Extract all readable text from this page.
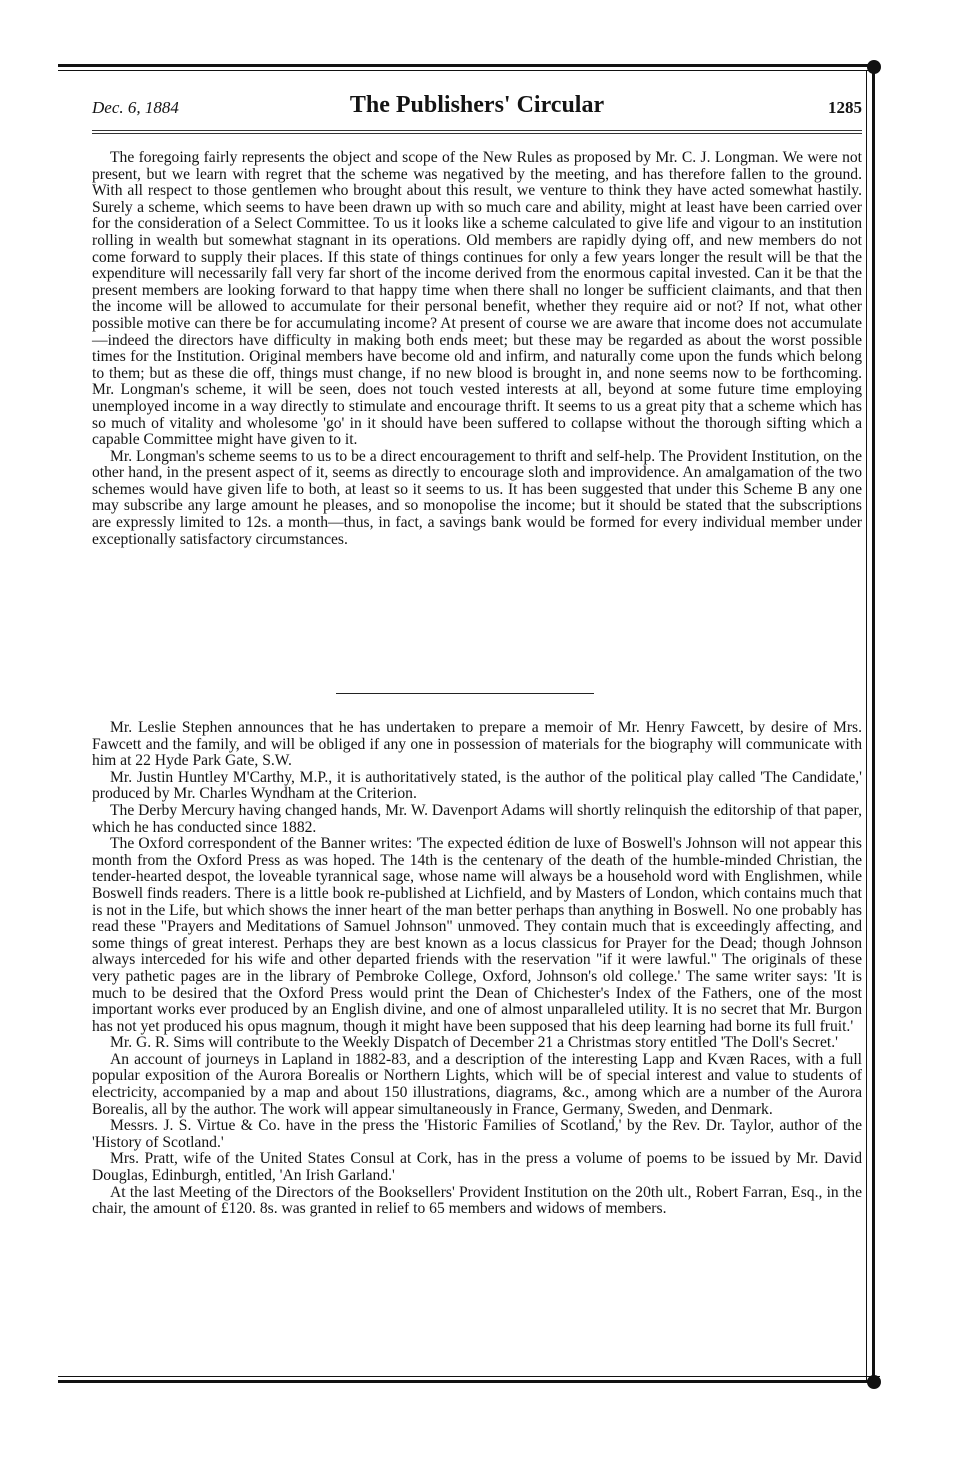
Dec. 6, 1884	The Publishers' Circular	1285

The foregoing fairly represents the object and scope of the New Rules as proposed by Mr. C. J. Longman. We were not present, but we learn with regret that the scheme was negatived by the meeting, and has therefore fallen to the ground. With all respect to those gentlemen who brought about this result, we venture to think they have acted somewhat hastily. Surely a scheme, which seems to have been drawn up with so much care and ability, might at least have been carried over for the consideration of a Select Committee. To us it looks like a scheme calculated to give life and vigour to an institution rolling in wealth but somewhat stagnant in its operations. Old members are rapidly dying off, and new members do not come forward to supply their places. If this state of things continues for only a few years longer the result will be that the expenditure will necessarily fall very far short of the income derived from the enormous capital invested. Can it be that the present members are looking forward to that happy time when there shall no longer be sufficient claimants, and that then the income will be allowed to accumulate for their personal benefit, whether they require aid or not? If not, what other possible motive can there be for accumulating income? At present of course we are aware that income does not accumulate—indeed the directors have difficulty in making both ends meet; but these may be regarded as about the worst possible times for the Institution. Original members have become old and infirm, and naturally come upon the funds which belong to them; but as these die off, things must change, if no new blood is brought in, and none seems now to be forthcoming. Mr. Longman's scheme, it will be seen, does not touch vested interests at all, beyond at some future time employing unemployed income in a way directly to stimulate and encourage thrift. It seems to us a great pity that a scheme which has so much of vitality and wholesome 'go' in it should have been suffered to collapse without the thorough sifting which a capable Committee might have given to it.

Mr. Longman's scheme seems to us to be a direct encouragement to thrift and self-help. The Provident Institution, on the other hand, in the present aspect of it, seems as directly to encourage sloth and improvidence. An amalgamation of the two schemes would have given life to both, at least so it seems to us. It has been suggested that under this Scheme B any one may subscribe any large amount he pleases, and so monopolise the income; but it should be stated that the subscriptions are expressly limited to 12s. a month—thus, in fact, a savings bank would be formed for every individual member under exceptionally satisfactory circumstances.

Mr. Leslie Stephen announces that he has undertaken to prepare a memoir of Mr. Henry Fawcett, by desire of Mrs. Fawcett and the family, and will be obliged if any one in possession of materials for the biography will communicate with him at 22 Hyde Park Gate, S.W.

Mr. Justin Huntley M'Carthy, M.P., it is authoritatively stated, is the author of the political play called 'The Candidate,' produced by Mr. Charles Wyndham at the Criterion.

The Derby Mercury having changed hands, Mr. W. Davenport Adams will shortly relinquish the editorship of that paper, which he has conducted since 1882.

The Oxford correspondent of the Banner writes: 'The expected édition de luxe of Boswell's Johnson will not appear this month from the Oxford Press as was hoped. The 14th is the centenary of the death of the humble-minded Christian, the tender-hearted despot, the loveable tyrannical sage, whose name will always be a household word with Englishmen, while Boswell finds readers. There is a little book re-published at Lichfield, and by Masters of London, which contains much that is not in the Life, but which shows the inner heart of the man better perhaps than anything in Boswell. No one probably has read these "Prayers and Meditations of Samuel Johnson" unmoved. They contain much that is exceedingly affecting, and some things of great interest. Perhaps they are best known as a locus classicus for Prayer for the Dead; though Johnson always interceded for his wife and other departed friends with the reservation "if it were lawful." The originals of these very pathetic pages are in the library of Pembroke College, Oxford, Johnson's old college.' The same writer says: 'It is much to be desired that the Oxford Press would print the Dean of Chichester's Index of the Fathers, one of the most important works ever produced by an English divine, and one of almost unparalleled utility. It is no secret that Mr. Burgon has not yet produced his opus magnum, though it might have been supposed that his deep learning had borne its full fruit.'

Mr. G. R. Sims will contribute to the Weekly Dispatch of December 21 a Christmas story entitled 'The Doll's Secret.'

An account of journeys in Lapland in 1882-83, and a description of the interesting Lapp and Kvæn Races, with a full popular exposition of the Aurora Borealis or Northern Lights, which will be of special interest and value to students of electricity, accompanied by a map and about 150 illustrations, diagrams, &c., among which are a number of the Aurora Borealis, all by the author. The work will appear simultaneously in France, Germany, Sweden, and Denmark.

Messrs. J. S. Virtue & Co. have in the press the 'Historic Families of Scotland,' by the Rev. Dr. Taylor, author of the 'History of Scotland.'

Mrs. Pratt, wife of the United States Consul at Cork, has in the press a volume of poems to be issued by Mr. David Douglas, Edinburgh, entitled, 'An Irish Garland.'

At the last Meeting of the Directors of the Booksellers' Provident Institution on the 20th ult., Robert Farran, Esq., in the chair, the amount of £120. 8s. was granted in relief to 65 members and widows of members.
